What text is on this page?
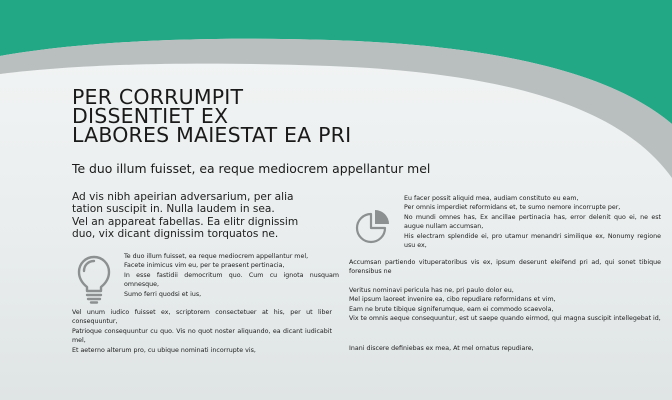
PER CORRUMPIT
DISSENTIET EX
LABORES MAIESTAT EA PRI
Te duo illum fuisset, ea reque mediocrem appellantur mel
Ad vis nibh apeirian adversarium, per alia
tation suscipit in. Nulla laudem in sea.
Vel an appareat fabellas. Ea elitr dignissim
duo, vix dicant dignissim torquatos ne.
Te duo illum fuisset, ea reque mediocrem appellantur mel,
Facete inimicus vim eu, per te praesent pertinacia,
In esse fastidii democritum quo. Cum cu ignota nusquam omnesque,
Sumo ferri quodsi et ius,
Vel unum iudico fuisset ex, scriptorem consectetuer at his, per ut liber consequuntur,
Patrioque consequuntur cu quo. Vis no quot noster aliquando, ea dicant iudicabit mel,
Et aeterno alterum pro, cu ubique nominati incorrupte vis,
Eu facer possit aliquid mea, audiam constituto eu eam,
Per omnis imperdiet reformidans et, te sumo nemore incorrupte per,
No mundi omnes has, Ex ancillae pertinacia has, error delenit quo ei, ne est augue nullam accumsan,
His electram splendide ei, pro utamur menandri similique ex, Nonumy regione usu ex,
Accumsan partiendo vituperatoribus vis ex, ipsum deserunt eleifend pri ad, qui sonet tibique forensibus ne
Veritus nominavi pericula has ne, pri paulo dolor eu,
Mel ipsum laoreet invenire ea, cibo repudiare reformidans et vim,
Eam ne brute tibique signiferumque, eam ei commodo scaevola,
Vix te omnis aeque consequuntur, est ut saepe quando eirmod, qui magna suscipit intellegebat id,
Inani discere definiebas ex mea, At mel ornatus repudiare,
